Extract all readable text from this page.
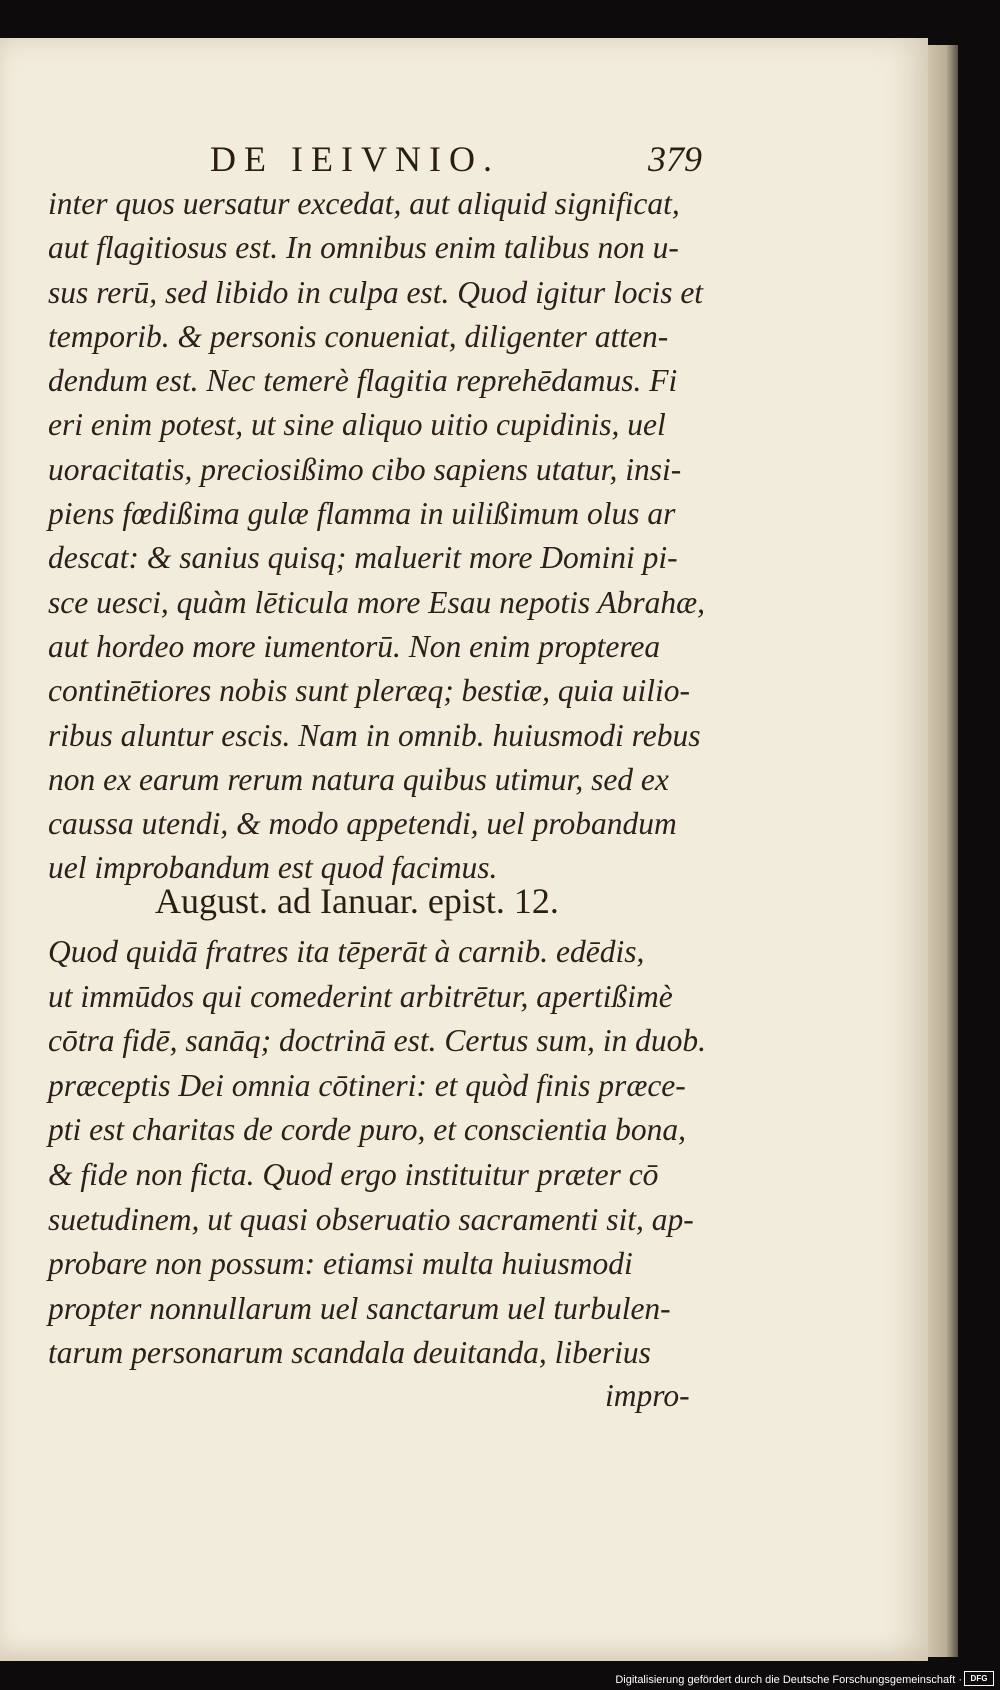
DE IEIVNIO.	379
inter quos uersatur excedat, aut aliquid significat,
aut flagitiosus est. In omnibus enim talibus non u-
sus rerū, sed libido in culpa est. Quod igitur locis et
temporib. & personis conueniat, diligenter atten-
dendum est. Nec temerè flagitia reprehēdamus. Fi
eri enim potest, ut sine aliquo uitio cupidinis, uel
uoracitatis, preciosißimo cibo sapiens utatur, insi-
piens fœdißima gulæ flamma in uilißimum olus ar
descat: & sanius quisq; maluerit more Domini pi-
sce uesci, quàm lēticula more Esau nepotis Abrahæ,
aut hordeo more iumentorū. Non enim propterea
continētiores nobis sunt pleræq; bestiæ, quia uilio-
ribus aluntur escis. Nam in omnib. huiusmodi rebus
non ex earum rerum natura quibus utimur, sed ex
caussa utendi, & modo appetendi, uel probandum
uel improbandum est quod facimus.
August. ad Ianuar. epist. 12.
Quod quidā fratres ita tēperāt à carnib. edēdis,
ut immūdos qui comederint arbitrētur, apertißimè
cōtra fidē, sanāq; doctrinā est. Certus sum, in duob.
præceptis Dei omnia cōtineri: et quòd finis præce-
pti est charitas de corde puro, et conscientia bona,
& fide non ficta. Quod ergo instituitur præter cō
suetudinem, ut quasi obseruatio sacramenti sit, ap-
probare non possum: etiamsi multa huiusmodi
propter nonnullarum uel sanctarum uel turbulen-
tarum personarum scandala deuitanda, liberius
impro-
Digitalisierung gefördert durch die Deutsche Forschungsgemeinschaft ·	DFG
